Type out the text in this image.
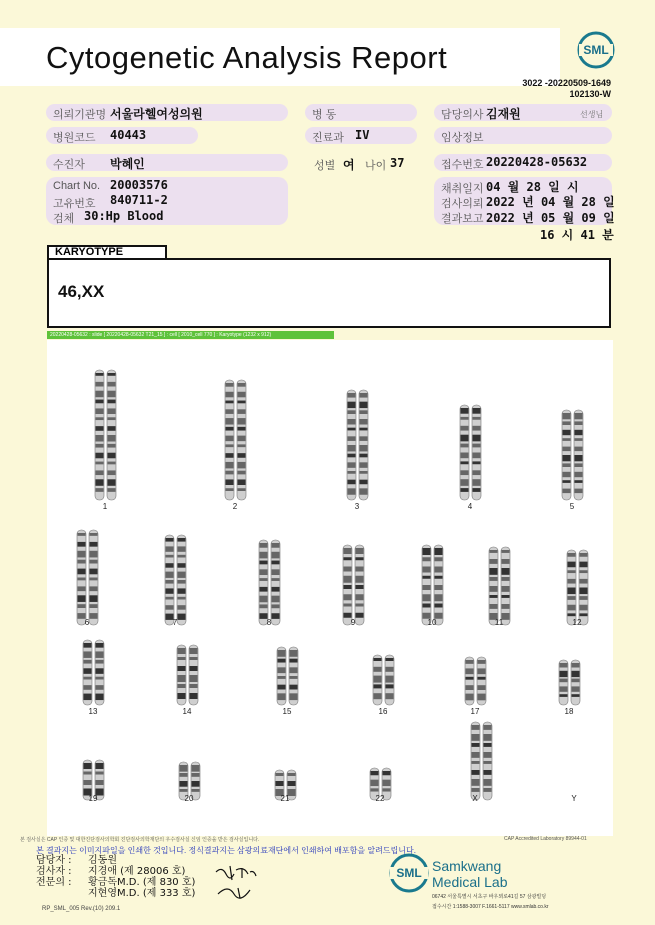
Cytogenetic Analysis Report	SML
3022 -20220509-1649
102130-W
의뢰기관명 서울라헬여성의원	병 동	담당의사 김재원	선생님
병원코드 40443	진료과 IV	임상정보
수진자 박혜인	성별 여 나이 37	접수번호 20220428-05632
Chart No. 20003576
고유번호 840711-2
검체 30:Hp Blood
채취일지 04 월 28 일 시
검사의뢰 2022 년 04 월 28 일
결과보고 2022 년 05 월 09 일
16 시 41 분
KARYOTYPE
46,XX
20220428-05632 : slide [ 20220428-05632 T21_15 ] : cell [ 2010_cell 770 ] : Karyotype (1232 x 912)
1	2	3	4	5
6	7	8	9	10	11	12
13	14	15	16	17	18
19	20	21	22	X	Y
본 검사실은 CAP 인증 및 대한진단검사의학회 진단검사의학재단의 우수검사실 신임 인증을 받은 검사실입니다.	CAP Accredited Laboratory 89944-01
본 결과지는 이미지파일을 인쇄한 것입니다. 정식결과지는 삼광의료재단에서 인쇄하여 배포함을 알려드립니다.
담당자 : 김동원
검사자 : 지경애 (제 28006 호)
전문의 : 황금독M.D. (제 830 호)
지현영M.D. (제 333 호)
RP_SML_005 Rev.(10) 209.1
SML Samkwang
Medical Lab
06742 서울특별시 서초구 바우뫼로41길 57 삼광빌딩
접수시간 1:1588-3007 F.1661-5117 www.smlab.co.kr
